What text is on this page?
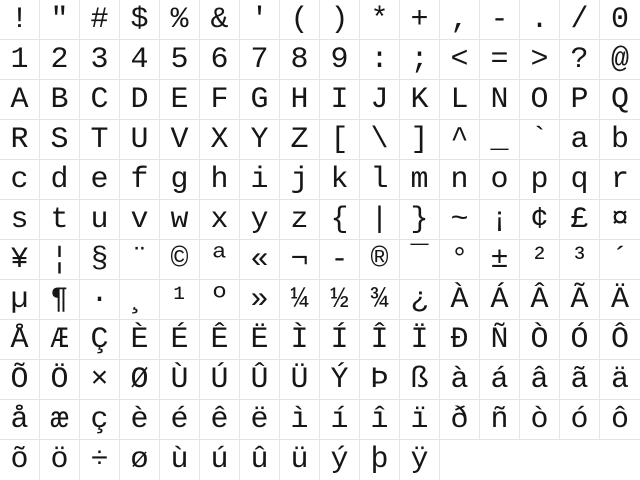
! " # $ % & ' ( ) * + , - . / 0
1 2 3 4 5 6 7 8 9 : ; < = > ? @
A B C D E F G H I J K L N O P Q
R S T U V X Y Z [ \ ] ^ _ ` a b
c d e f g h i j k l m n o p q r
s t u v w x y z { | } ~ ¡ ¢ £ ¤
¥ ¦ § ¨ © ª « ¬ - ® ¯ ° ± ² ³ ´
µ ¶ · ¸ ¹ º » ¼ ½ ¾ ¿ À Á Â Ã Ä
Å Æ Ç È É Ê Ë Ì Í Î Ï Ð Ñ Ò Ó Ô
Õ Ö × Ø Ù Ú Û Ü Ý Þ ß à á â ã ä
å æ ç è é ê ë ì í î ï ð ñ ò ó ô
õ ö ÷ ø ù ú û ü ý þ ÿ
